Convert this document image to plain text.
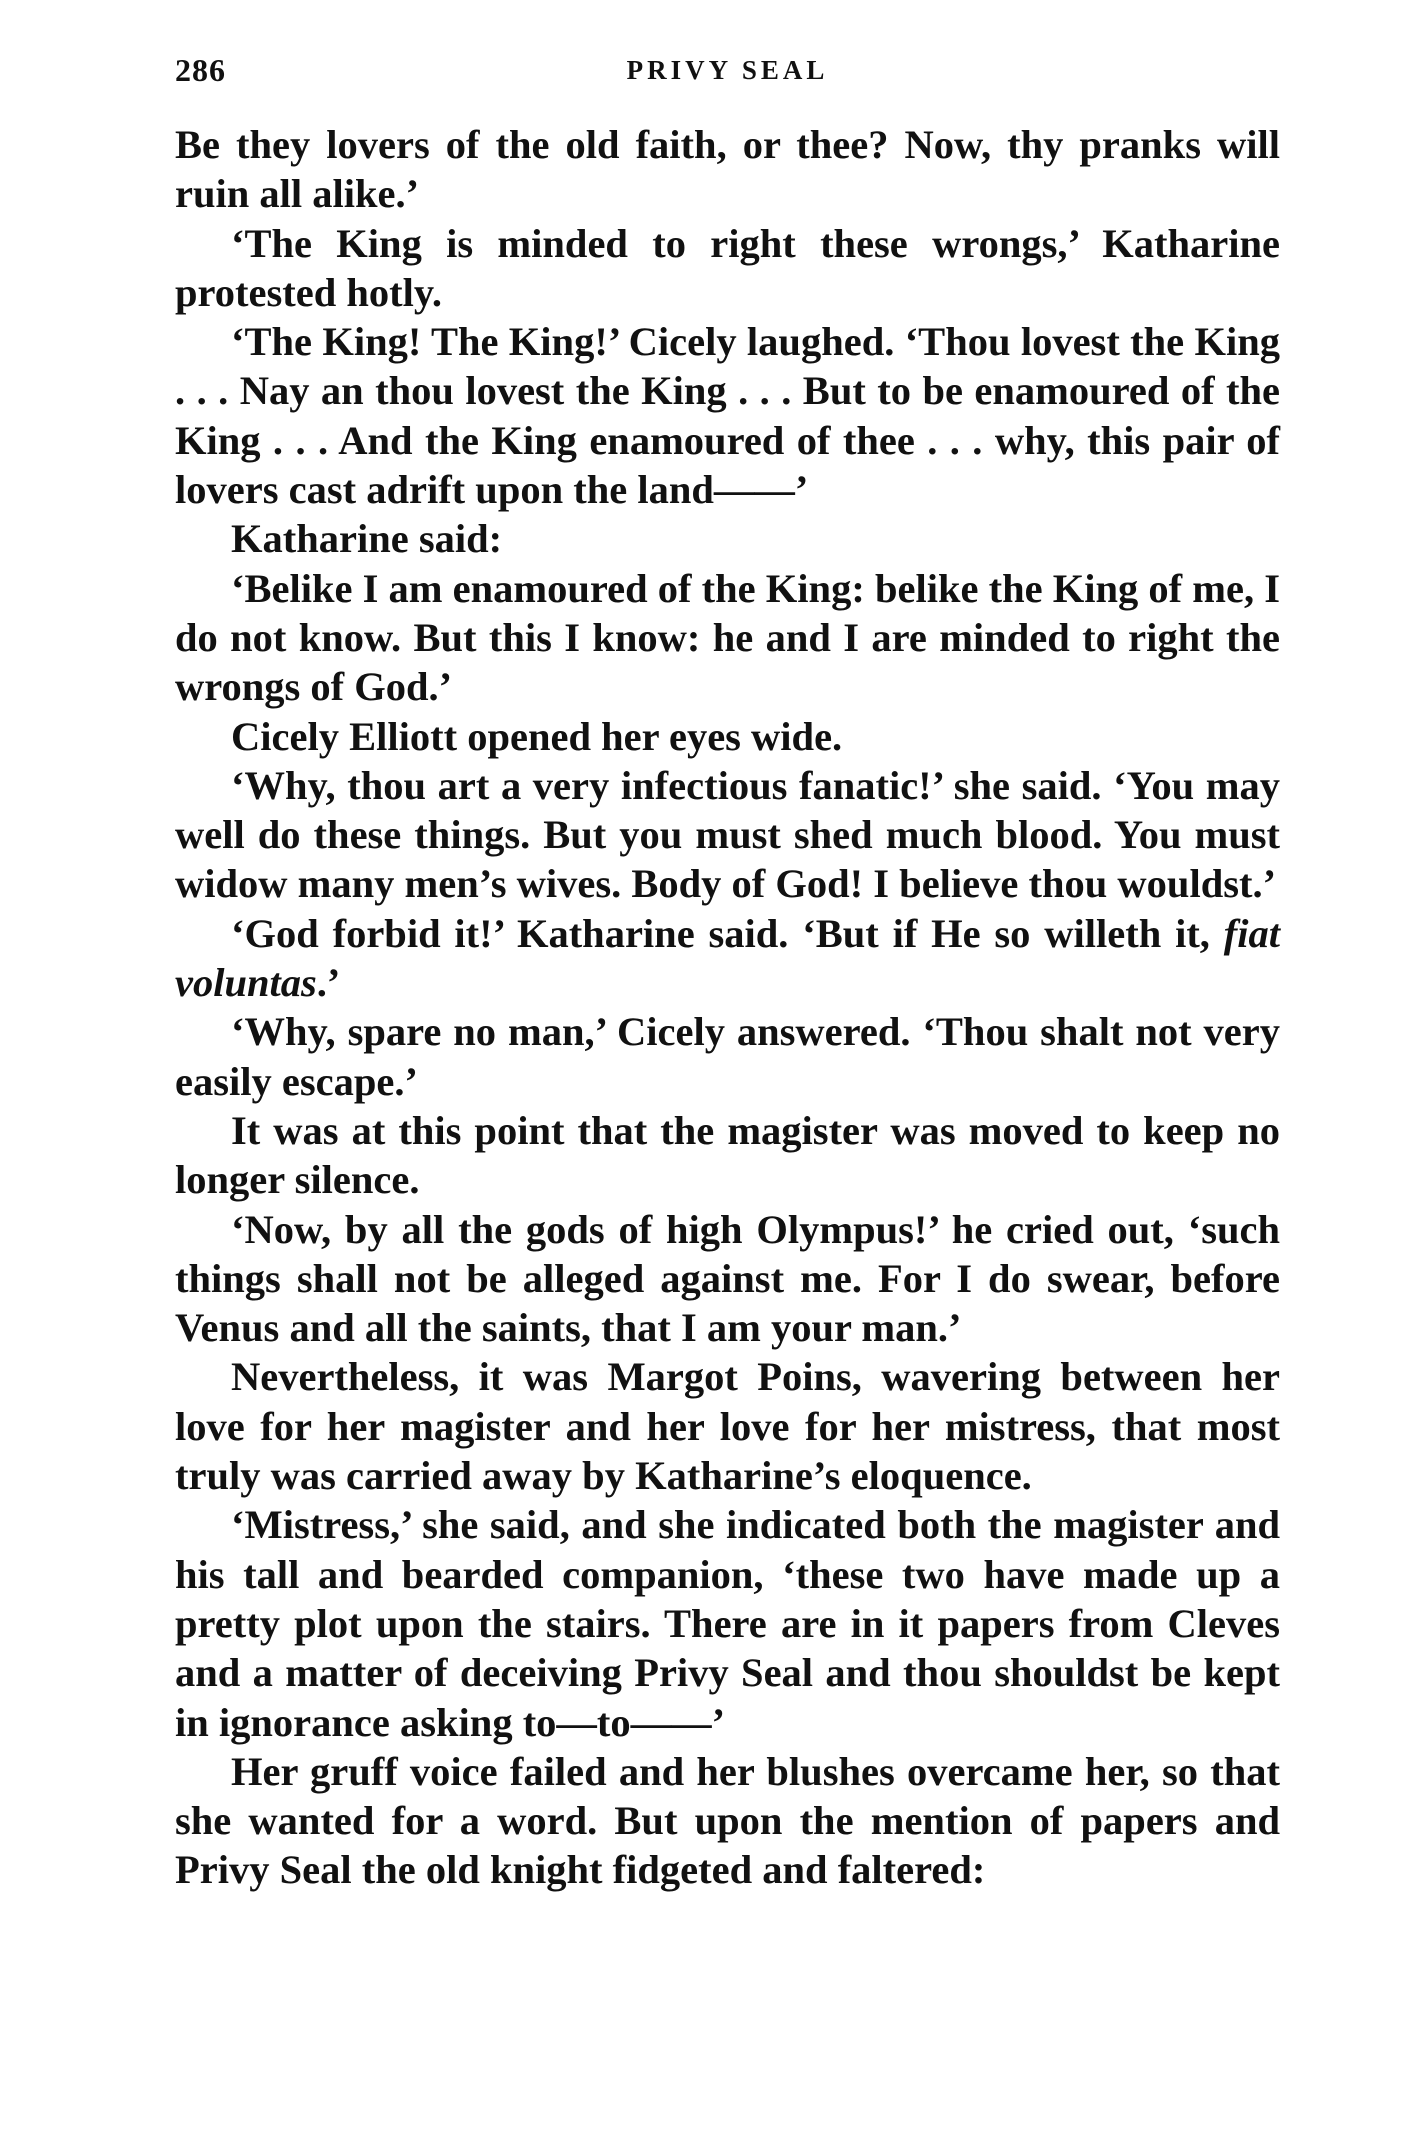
286	PRIVY SEAL

Be they lovers of the old faith, or thee? Now, thy pranks will ruin all alike.’

‘The King is minded to right these wrongs,’ Katharine protested hotly.

‘The King! The King!’ Cicely laughed. ‘Thou lovest the King . . . Nay an thou lovest the King . . . But to be enamoured of the King . . . And the King enamoured of thee . . . why, this pair of lovers cast adrift upon the land——’

Katharine said:

‘Belike I am enamoured of the King: belike the King of me, I do not know. But this I know: he and I are minded to right the wrongs of God.’

Cicely Elliott opened her eyes wide.

‘Why, thou art a very infectious fanatic!’ she said. ‘You may well do these things. But you must shed much blood. You must widow many men’s wives. Body of God! I believe thou wouldst.’

‘God forbid it!’ Katharine said. ‘But if He so willeth it, fiat voluntas.’

‘Why, spare no man,’ Cicely answered. ‘Thou shalt not very easily escape.’

It was at this point that the magister was moved to keep no longer silence.

‘Now, by all the gods of high Olympus!’ he cried out, ‘such things shall not be alleged against me. For I do swear, before Venus and all the saints, that I am your man.’

Nevertheless, it was Margot Poins, wavering between her love for her magister and her love for her mistress, that most truly was carried away by Katharine’s eloquence.

‘Mistress,’ she said, and she indicated both the magister and his tall and bearded companion, ‘these two have made up a pretty plot upon the stairs. There are in it papers from Cleves and a matter of deceiving Privy Seal and thou shouldst be kept in ignorance asking to—to——’

Her gruff voice failed and her blushes overcame her, so that she wanted for a word. But upon the mention of papers and Privy Seal the old knight fidgeted and faltered:
